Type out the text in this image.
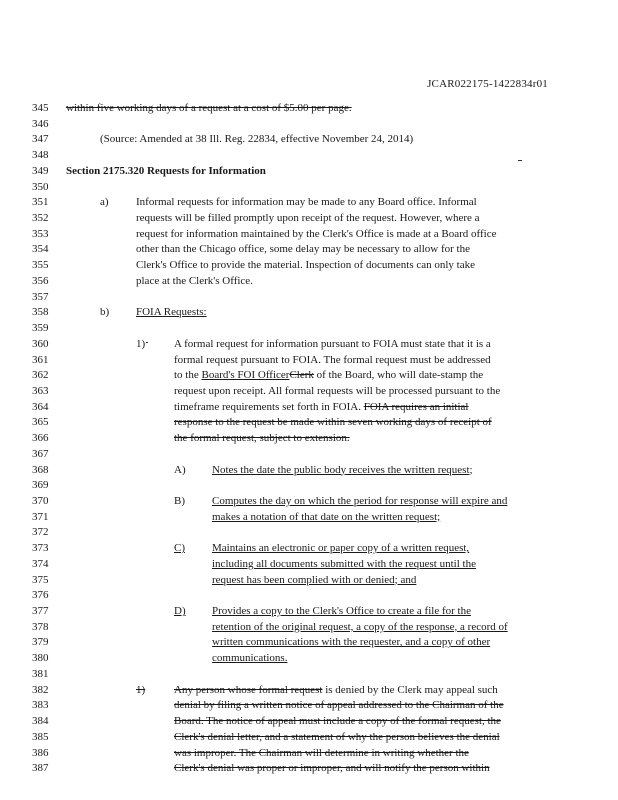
JCAR022175-1422834r01
345	within five working days of a request at a cost of $5.00 per page.
346
347	(Source: Amended at 38 Ill. Reg. 22834, effective November 24, 2014)
348
349	Section 2175.320 Requests for Information
350
351	a) Informal requests for information may be made to any Board office. Informal
352	requests will be filled promptly upon receipt of the request. However, where a
353	request for information maintained by the Clerk's Office is made at a Board office
354	other than the Chicago office, some delay may be necessary to allow for the
355	Clerk's Office to provide the material. Inspection of documents can only take
356	place at the Clerk's Office.
357
358	b) FOIA Requests:
359
360	1)	A formal request for information pursuant to FOIA must state that it is a
361	formal request pursuant to FOIA. The formal request must be addressed
362	to the Board's FOI OfficerClerk of the Board, who will date-stamp the
363	request upon receipt. All formal requests will be processed pursuant to the
364	timeframe requirements set forth in FOIA. FOIA requires an initial
365	response to the request be made within seven working days of receipt of
366	the formal request, subject to extension.
367
368	A) Notes the date the public body receives the written request;
369
370	B) Computes the day on which the period for response will expire and
371	makes a notation of that date on the written request;
372
373	C) Maintains an electronic or paper copy of a written request,
374	including all documents submitted with the request until the
375	request has been complied with or denied; and
376
377	D) Provides a copy to the Clerk's Office to create a file for the
378	retention of the original request, a copy of the response, a record of
379	written communications with the requester, and a copy of other
380	communications.
381
382	1)	Any person whose formal request is denied by the Clerk may appeal such
383	denial by filing a written notice of appeal addressed to the Chairman of the
384	Board. The notice of appeal must include a copy of the formal request, the
385	Clerk's denial letter, and a statement of why the person believes the denial
386	was improper. The Chairman will determine in writing whether the
387	Clerk's denial was proper or improper, and will notify the person within
